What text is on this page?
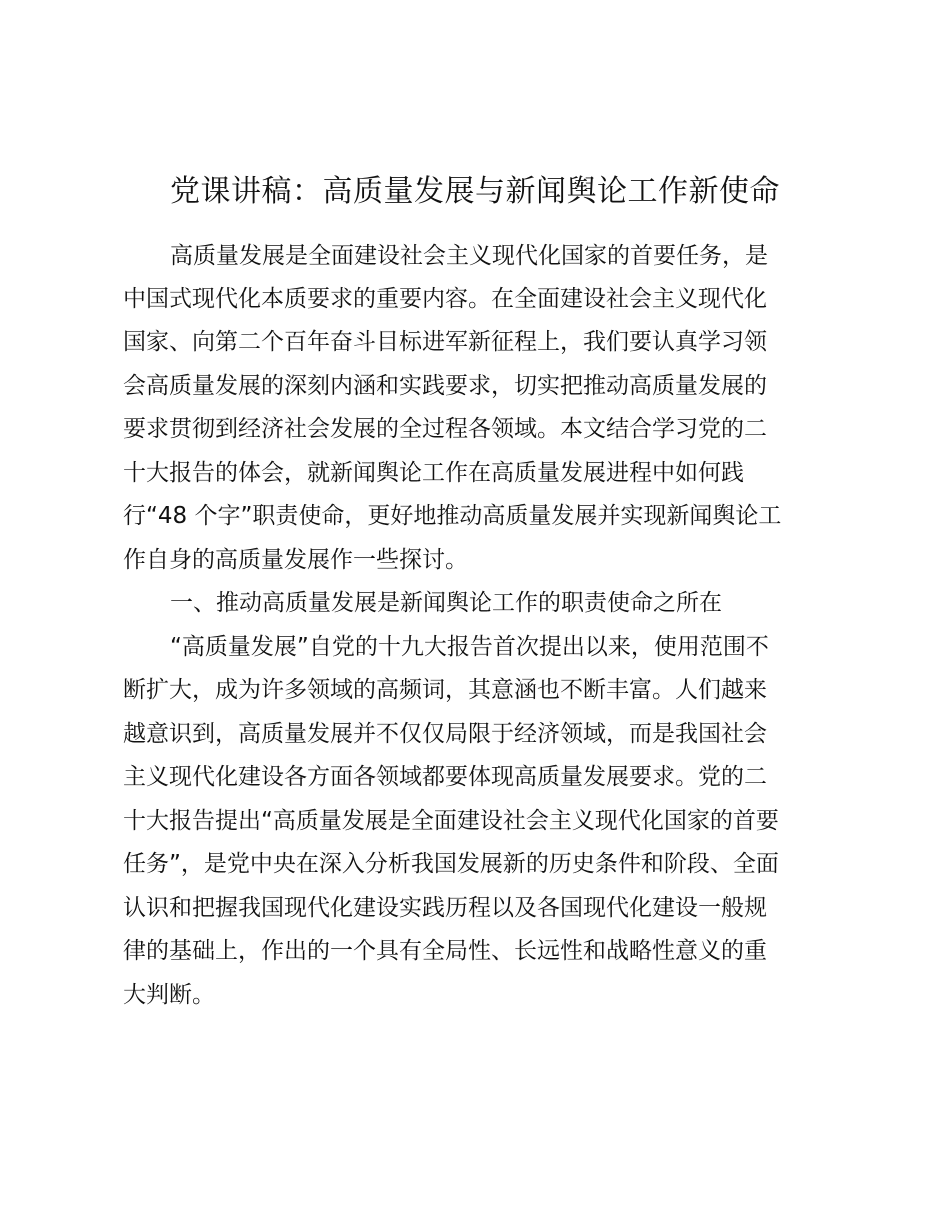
党课讲稿：高质量发展与新闻舆论工作新使命
高质量发展是全面建设社会主义现代化国家的首要任务，是
中国式现代化本质要求的重要内容。在全面建设社会主义现代化
国家、向第二个百年奋斗目标进军新征程上，我们要认真学习领
会高质量发展的深刻内涵和实践要求，切实把推动高质量发展的
要求贯彻到经济社会发展的全过程各领域。本文结合学习党的二
十大报告的体会，就新闻舆论工作在高质量发展进程中如何践
行“48 个字”职责使命，更好地推动高质量发展并实现新闻舆论工
作自身的高质量发展作一些探讨。
一、推动高质量发展是新闻舆论工作的职责使命之所在
“高质量发展”自党的十九大报告首次提出以来，使用范围不
断扩大，成为许多领域的高频词，其意涵也不断丰富。人们越来
越意识到，高质量发展并不仅仅局限于经济领域，而是我国社会
主义现代化建设各方面各领域都要体现高质量发展要求。党的二
十大报告提出“高质量发展是全面建设社会主义现代化国家的首要
任务”，是党中央在深入分析我国发展新的历史条件和阶段、全面
认识和把握我国现代化建设实践历程以及各国现代化建设一般规
律的基础上，作出的一个具有全局性、长远性和战略性意义的重
大判断。
